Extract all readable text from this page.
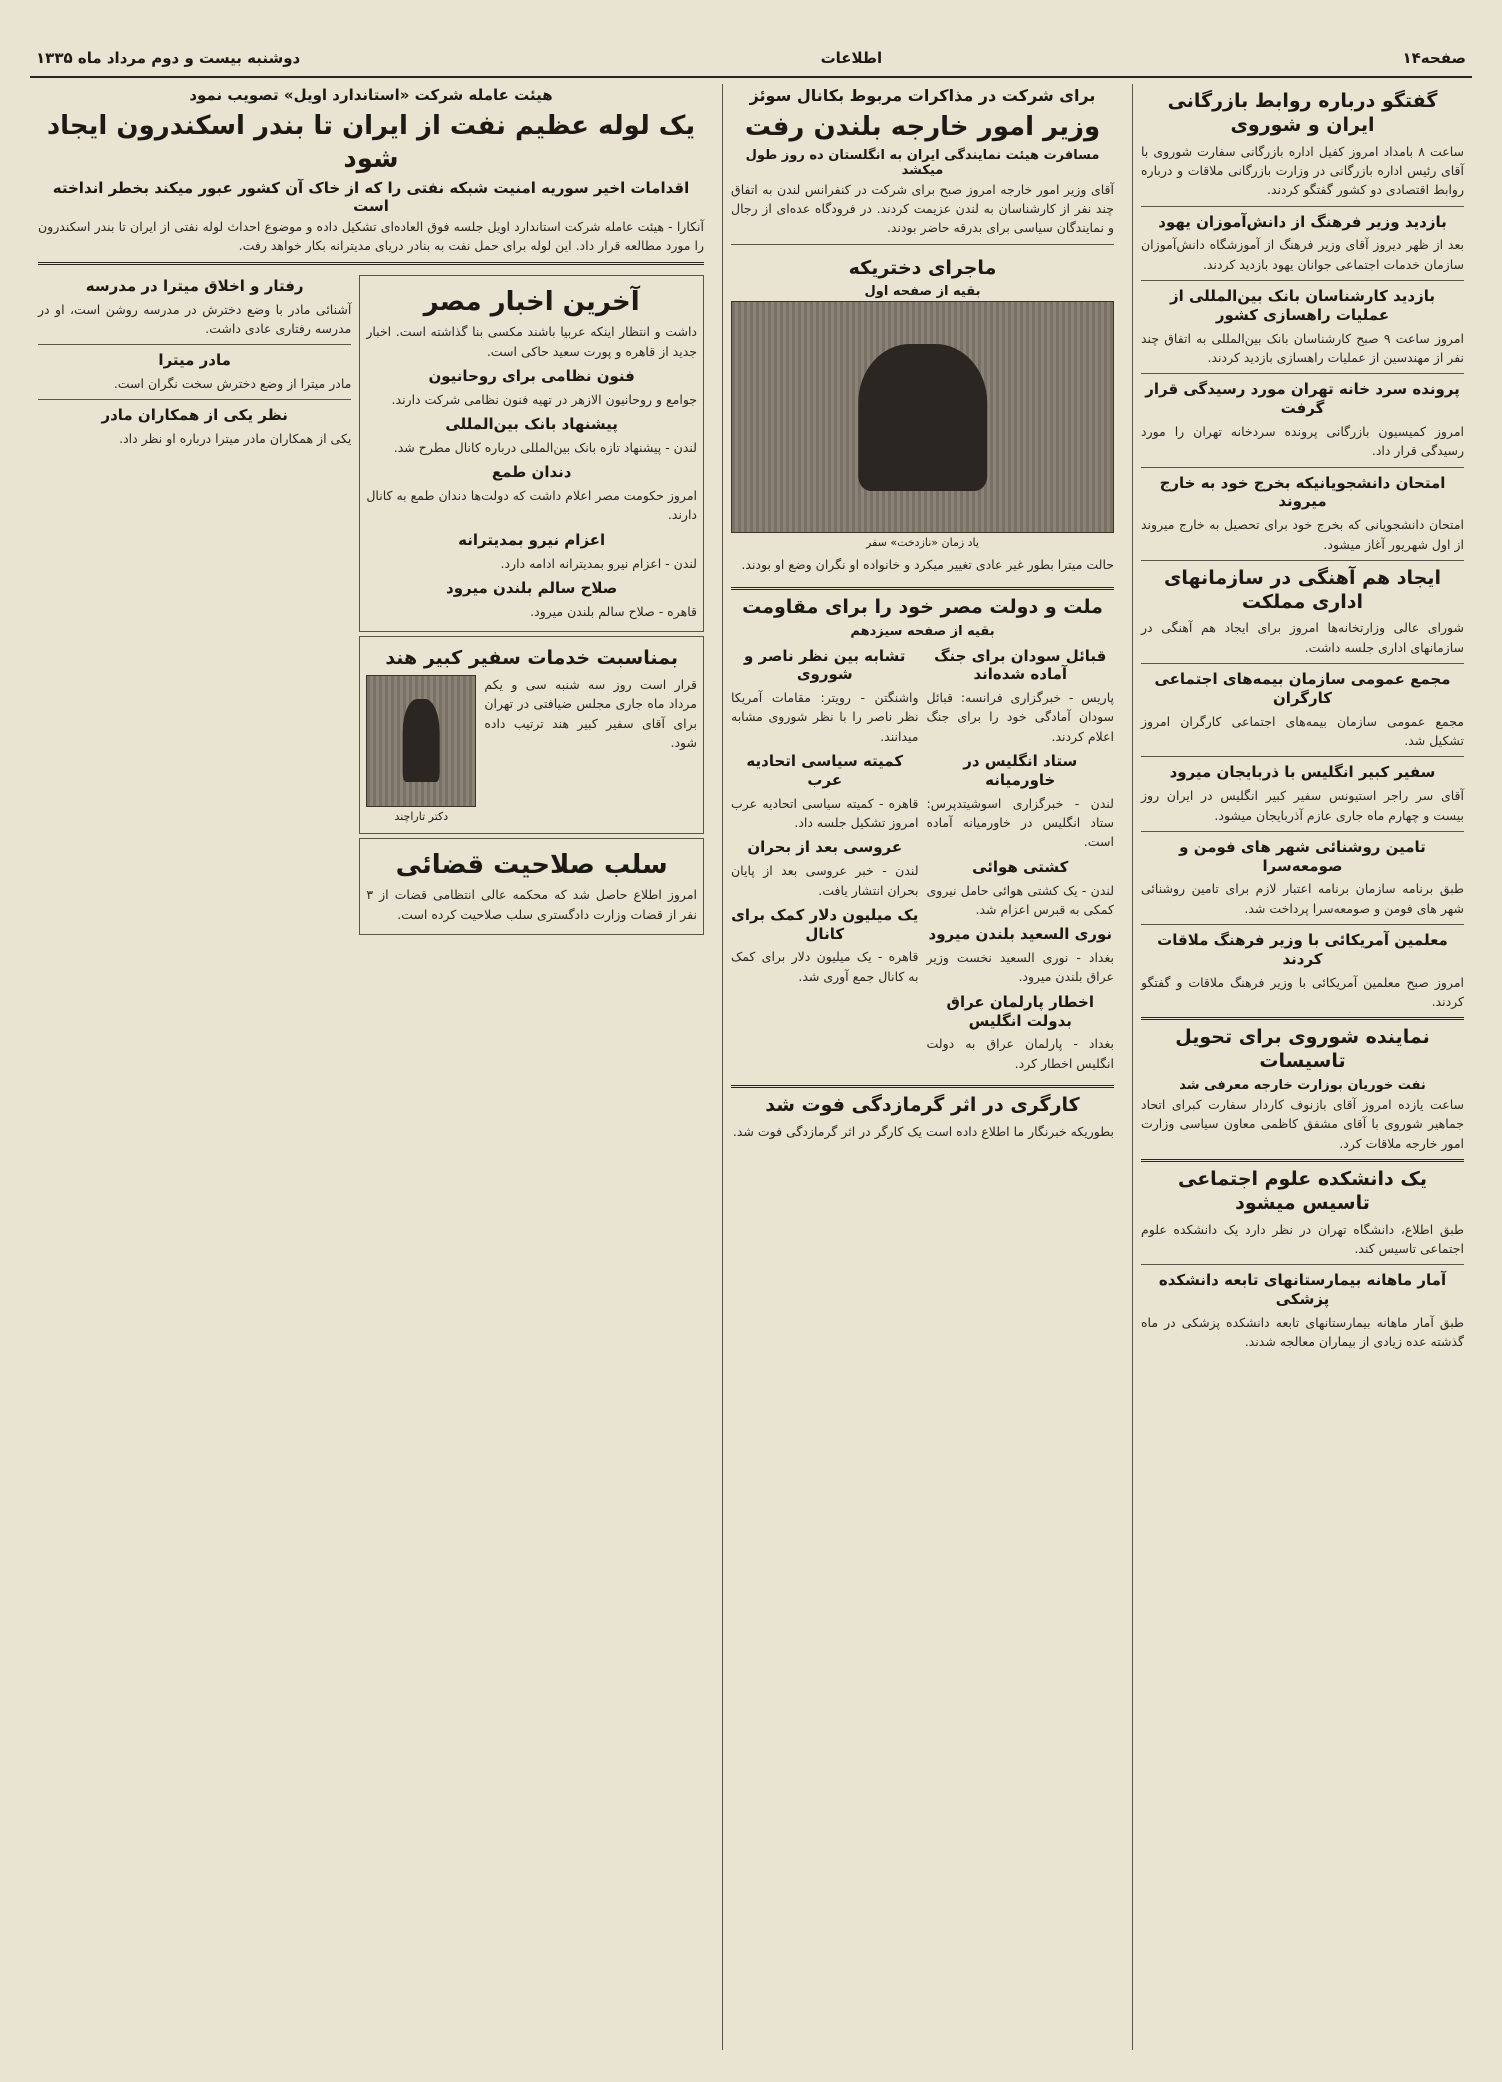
صفحه۱۴
اطلاعات
دوشنبه بیست و دوم مرداد ماه ۱۳۳۵
گفتگو درباره روابط بازرگانی ایران و شوروی

ساعت ۸ بامداد امروز کفیل اداره بازرگانی سفارت شوروی با آقای رئیس اداره بازرگانی در وزارت بازرگانی ملاقات و درباره روابط اقتصادی دو کشور گفتگو کردند.

بازدید وزیر فرهنگ از دانش‌آموزان یهود

بعد از ظهر دیروز آقای وزیر فرهنگ از آموزشگاه دانش‌آموزان سازمان خدمات اجتماعی جوانان یهود بازدید کردند.

بازدید کارشناسان بانک بین‌المللی از عملیات راهسازی کشور

امروز ساعت ۹ صبح کارشناسان بانک بین‌المللی به اتفاق چند نفر از مهندسین از عملیات راهسازی بازدید کردند.

پرونده سرد خانه تهران مورد رسیدگی قرار گرفت

امروز کمیسیون بازرگانی پرونده سردخانه تهران را مورد رسیدگی قرار داد.

امتحان دانشجویانیکه بخرج خود به خارج میروند

امتحان دانشجویانی که بخرج خود برای تحصیل به خارج میروند از اول شهریور آغاز میشود.

ایجاد هم آهنگی در سازمانهای اداری مملکت

شورای عالی وزارتخانه‌ها امروز برای ایجاد هم آهنگی در سازمانهای اداری جلسه داشت.

مجمع عمومی سازمان بیمه‌های اجتماعی کارگران

مجمع عمومی سازمان بیمه‌های اجتماعی کارگران امروز تشکیل شد.

سفیر کبیر انگلیس با ذربایجان میرود

آقای سر راجر استیونس سفیر کبیر انگلیس در ایران روز بیست و چهارم ماه جاری عازم آذربایجان میشود.

تامین روشنائی شهر های فومن و صومعه‌سرا

طبق برنامه سازمان برنامه اعتبار لازم برای تامین روشنائی شهر های فومن و صومعه‌سرا پرداخت شد.

معلمین آمریکائی با وزیر فرهنگ ملاقات کردند

امروز صبح معلمین آمریکائی با وزیر فرهنگ ملاقات و گفتگو کردند.

نماینده شوروی برای تحویل تاسیسات
نفت خوریان بوزارت خارجه معرفی شد

ساعت یازده امروز آقای بازنوف کاردار سفارت کبرای اتحاد جماهیر شوروی با آقای مشفق کاظمی معاون سیاسی وزارت امور خارجه ملاقات کرد.

یک دانشکده علوم اجتماعی تاسیس میشود

طبق اطلاع، دانشگاه تهران در نظر دارد یک دانشکده علوم اجتماعی تاسیس کند.

آمار ماهانه بیمارستانهای تابعه دانشکده پزشکی

طبق آمار ماهانه بیمارستانهای تابعه دانشکده پزشکی در ماه گذشته عده زیادی از بیماران معالجه شدند.

برای شرکت در مذاکرات مربوط بکانال سوئز
وزیر امور خارجه بلندن رفت
مسافرت هیئت نمایندگی ایران به انگلستان ده روز طول میکشد

آقای وزیر امور خارجه امروز صبح برای شرکت در کنفرانس لندن به اتفاق چند نفر از کارشناسان به لندن عزیمت کردند. در فرودگاه عده‌ای از رجال و نمایندگان سیاسی برای بدرقه حاضر بودند.

ماجرای دختریکه
بقیه از صفحه اول
یاد زمان «نازدخت» سفر

حالت میترا بطور غیر عادی تغییر میکرد و خانواده او نگران وضع او بودند.

ملت و دولت مصر خود را برای مقاومت
بقیه از صفحه سیزدهم
قبائل سودان برای جنگ آماده شده‌اند

پاریس - خبرگزاری فرانسه: قبائل سودان آمادگی خود را برای جنگ اعلام کردند.

ستاد انگلیس در خاورمیانه

لندن - خبرگزاری اسوشیتدپرس: ستاد انگلیس در خاورمیانه آماده است.

کشتی هوائی

لندن - یک کشتی هوائی حامل نیروی کمکی به قبرس اعزام شد.

نوری السعید بلندن میرود

بغداد - نوری السعید نخست وزیر عراق بلندن میرود.

اخطار پارلمان عراق بدولت انگلیس

بغداد - پارلمان عراق به دولت انگلیس اخطار کرد.

تشابه بین نظر ناصر و شوروی

واشنگتن - رویتر: مقامات آمریکا نظر ناصر را با نظر شوروی مشابه میدانند.

کمیته سیاسی اتحادیه عرب

قاهره - کمیته سیاسی اتحادیه عرب امروز تشکیل جلسه داد.

عروسی بعد از بحران

لندن - خبر عروسی بعد از پایان بحران انتشار یافت.

یک میلیون دلار کمک برای کانال

قاهره - یک میلیون دلار برای کمک به کانال جمع آوری شد.

کارگری در اثر گرمازدگی فوت شد

بطوریکه خبرنگار ما اطلاع داده است یک کارگر در اثر گرمازدگی فوت شد.

هیئت عامله شرکت «استاندارد اویل» تصویب نمود
یک لوله عظیم نفت از ایران تا بندر اسکندرون ایجاد شود
اقدامات اخیر سوریه امنیت شبکه نفتی را که از خاک آن کشور عبور میکند بخطر انداخته است

آنکارا - هیئت عامله شرکت استاندارد اویل جلسه فوق العاده‌ای تشکیل داده و موضوع احداث لوله نفتی از ایران تا بندر اسکندرون را مورد مطالعه قرار داد. این لوله برای حمل نفت به بنادر دریای مدیترانه بکار خواهد رفت.

آخرین اخبار مصر

داشت و انتظار اینکه عربیا باشند مکسی بنا گذاشته است. اخبار جدید از قاهره و پورت سعید حاکی است.

فنون نظامی برای روحانیون

جوامع و روحانیون الازهر در تهیه فنون نظامی شرکت دارند.

پیشنهاد بانک بین‌المللی

لندن - پیشنهاد تازه بانک بین‌المللی درباره کانال مطرح شد.

دندان طمع

امروز حکومت مصر اعلام داشت که دولت‌ها دندان طمع به کانال دارند.

اعزام نیرو بمدیترانه

لندن - اعزام نیرو بمدیترانه ادامه دارد.

صلاح سالم بلندن میرود

قاهره - صلاح سالم بلندن میرود.

بمناسبت خدمات سفیر کبیر هند

قرار است روز سه شنبه سی و یکم مرداد ماه جاری مجلس ضیافتی در تهران برای آقای سفیر کبیر هند ترتیب داده شود.

دکتر تاراچند
سلب صلاحیت قضائی

امروز اطلاع حاصل شد که محکمه عالی انتظامی قضات از ۳ نفر از قضات وزارت دادگستری سلب صلاحیت کرده است.

رفتار و اخلاق میترا در مدرسه

آشنائی مادر با وضع دخترش در مدرسه روشن است، او در مدرسه رفتاری عادی داشت.

مادر میترا

مادر میترا از وضع دخترش سخت نگران است.

نظر یکی از همکاران مادر

یکی از همکاران مادر میترا درباره او نظر داد.
